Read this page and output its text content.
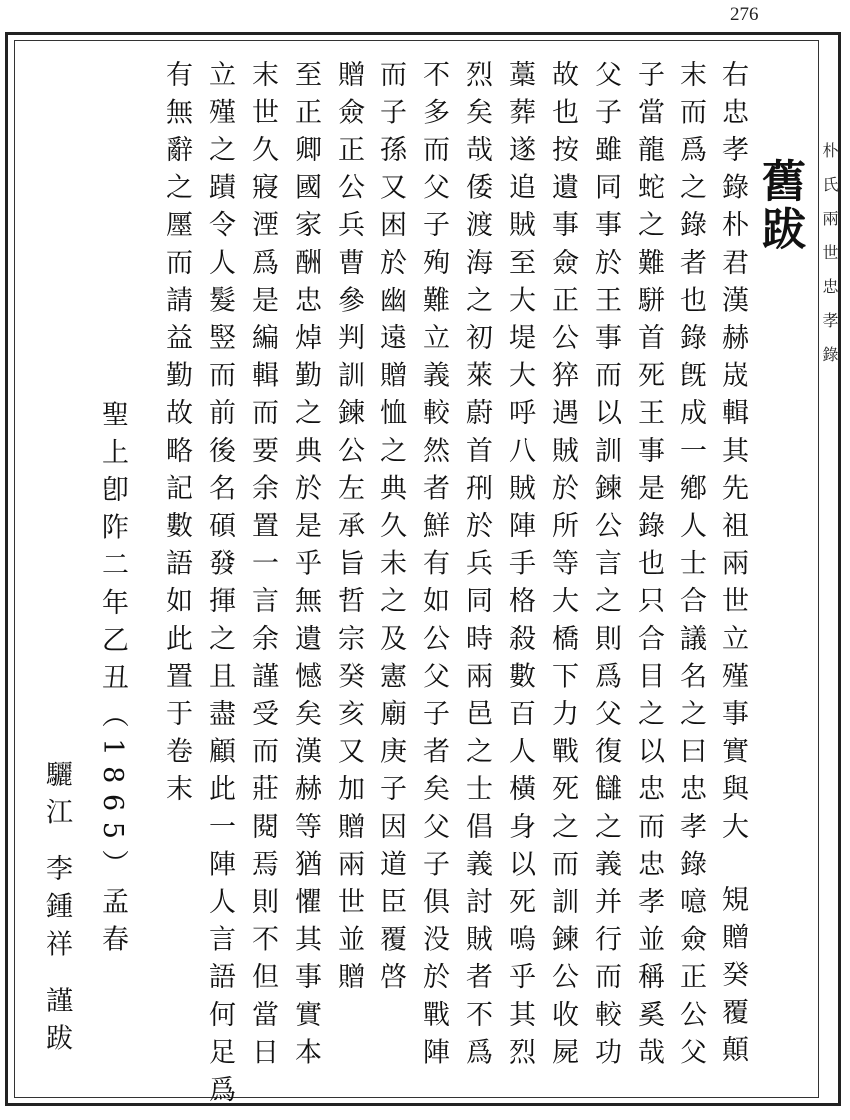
276
朴氏兩世忠孝錄
舊跋
右忠孝錄朴君漢赫𡷫輯其先祖兩世立殣事實與大
䂓贈癸覆顛
末而爲之錄者也錄旣成一鄕人士合議名之曰忠孝錄噫僉正公父
子當龍蛇之難駢首死王事是錄也只合目之以忠而忠孝並稱奚哉
父子雖同事於王事而以訓鍊公言之則爲父復讎之義并行而較功
故也按遺事僉正公猝遇賊於所等大橋下力戰死之而訓鍊公收屍
藁葬遂追賊至大堤大呼八賊陣手格殺數百人橫身以死嗚乎其烈
烈矣哉倭渡海之初萊蔚首𠛬於兵同時兩邑之士倡義討賊者不爲
不多而父子殉難立義較然者鮮有如公父子者矣父子俱没於戰陣
而子孫又困於幽遠贈恤之典久未之及憲廟庚子因道臣覆啓
贈僉正公兵曹參判訓鍊公左承旨哲宗癸亥又加贈兩世並贈
至正卿國家酬忠焯勤之典於是乎無遺憾矣漢赫等猶懼其事實本
末世久寢湮爲是編輯而要余置一言余謹受而莊閱焉則不但當日
立殣之蹟令人髮竪而前後名碩發揮之且盡顧此一陣人言語何足爲
有無辭之㕓而請益勤故略記數語如此置于卷末
聖上卽阼二年乙丑（1865）孟春
驪江 李鍾祥 謹跋
